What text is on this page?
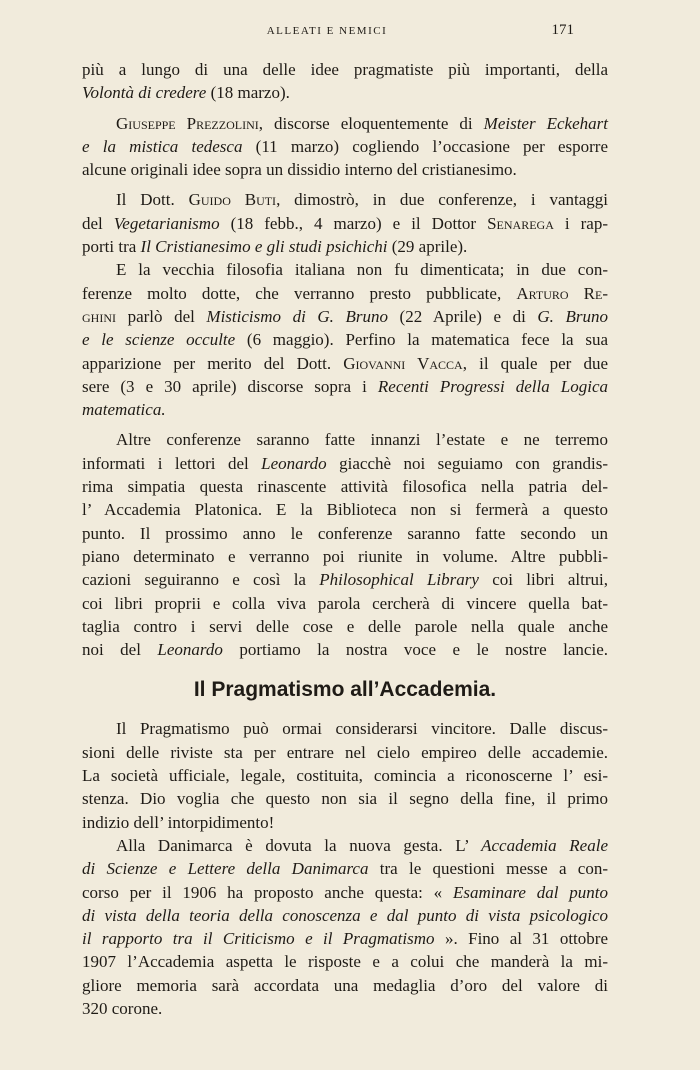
ALLEATI E NEMICI	171
più a lungo di una delle idee pragmatiste più importanti, della
Volontà di credere (18 marzo).
Giuseppe Prezzolini, discorse eloquentemente di Meister Eckehart
e la mistica tedesca (11 marzo) cogliendo l’occasione per esporre
alcune originali idee sopra un dissidio interno del cristianesimo.
Il Dott. Guido Buti, dimostrò, in due conferenze, i vantaggi
del Vegetarianismo (18 febb., 4 marzo) e il Dottor Senarega i rap-
porti tra Il Cristianesimo e gli studi psichichi (29 aprile).
E la vecchia filosofia italiana non fu dimenticata; in due con-
ferenze molto dotte, che verranno presto pubblicate, Arturo Re-
ghini parlò del Misticismo di G. Bruno (22 Aprile) e di G. Bruno
e le scienze occulte (6 maggio). Perfino la matematica fece la sua
apparizione per merito del Dott. Giovanni Vacca, il quale per due
sere (3 e 30 aprile) discorse sopra i Recenti Progressi della Logica
matematica.
Altre conferenze saranno fatte innanzi l’estate e ne terremo
informati i lettori del Leonardo giacchè noi seguiamo con grandis-
rima simpatia questa rinascente attività filosofica nella patria del-
l’ Accademia Platonica. E la Biblioteca non si fermerà a questo
punto. Il prossimo anno le conferenze saranno fatte secondo un
piano determinato e verranno poi riunite in volume. Altre pubbli-
cazioni seguiranno e così la Philosophical Library coi libri altrui,
coi libri proprii e colla viva parola cercherà di vincere quella bat-
taglia contro i servi delle cose e delle parole nella quale anche
noi del Leonardo portiamo la nostra voce e le nostre lancie.
Il Pragmatismo all’Accademia.
Il Pragmatismo può ormai considerarsi vincitore. Dalle discus-
sioni delle riviste sta per entrare nel cielo empireo delle accademie.
La società ufficiale, legale, costituita, comincia a riconoscerne l’ esi-
stenza. Dio voglia che questo non sia il segno della fine, il primo
indizio dell’ intorpidimento!
Alla Danimarca è dovuta la nuova gesta. L’ Accademia Reale
di Scienze e Lettere della Danimarca tra le questioni messe a con-
corso per il 1906 ha proposto anche questa: « Esaminare dal punto
di vista della teoria della conoscenza e dal punto di vista psicologico
il rapporto tra il Criticismo e il Pragmatismo ». Fino al 31 ottobre
1907 l’Accademia aspetta le risposte e a colui che manderà la mi-
gliore memoria sarà accordata una medaglia d’oro del valore di
320 corone.
